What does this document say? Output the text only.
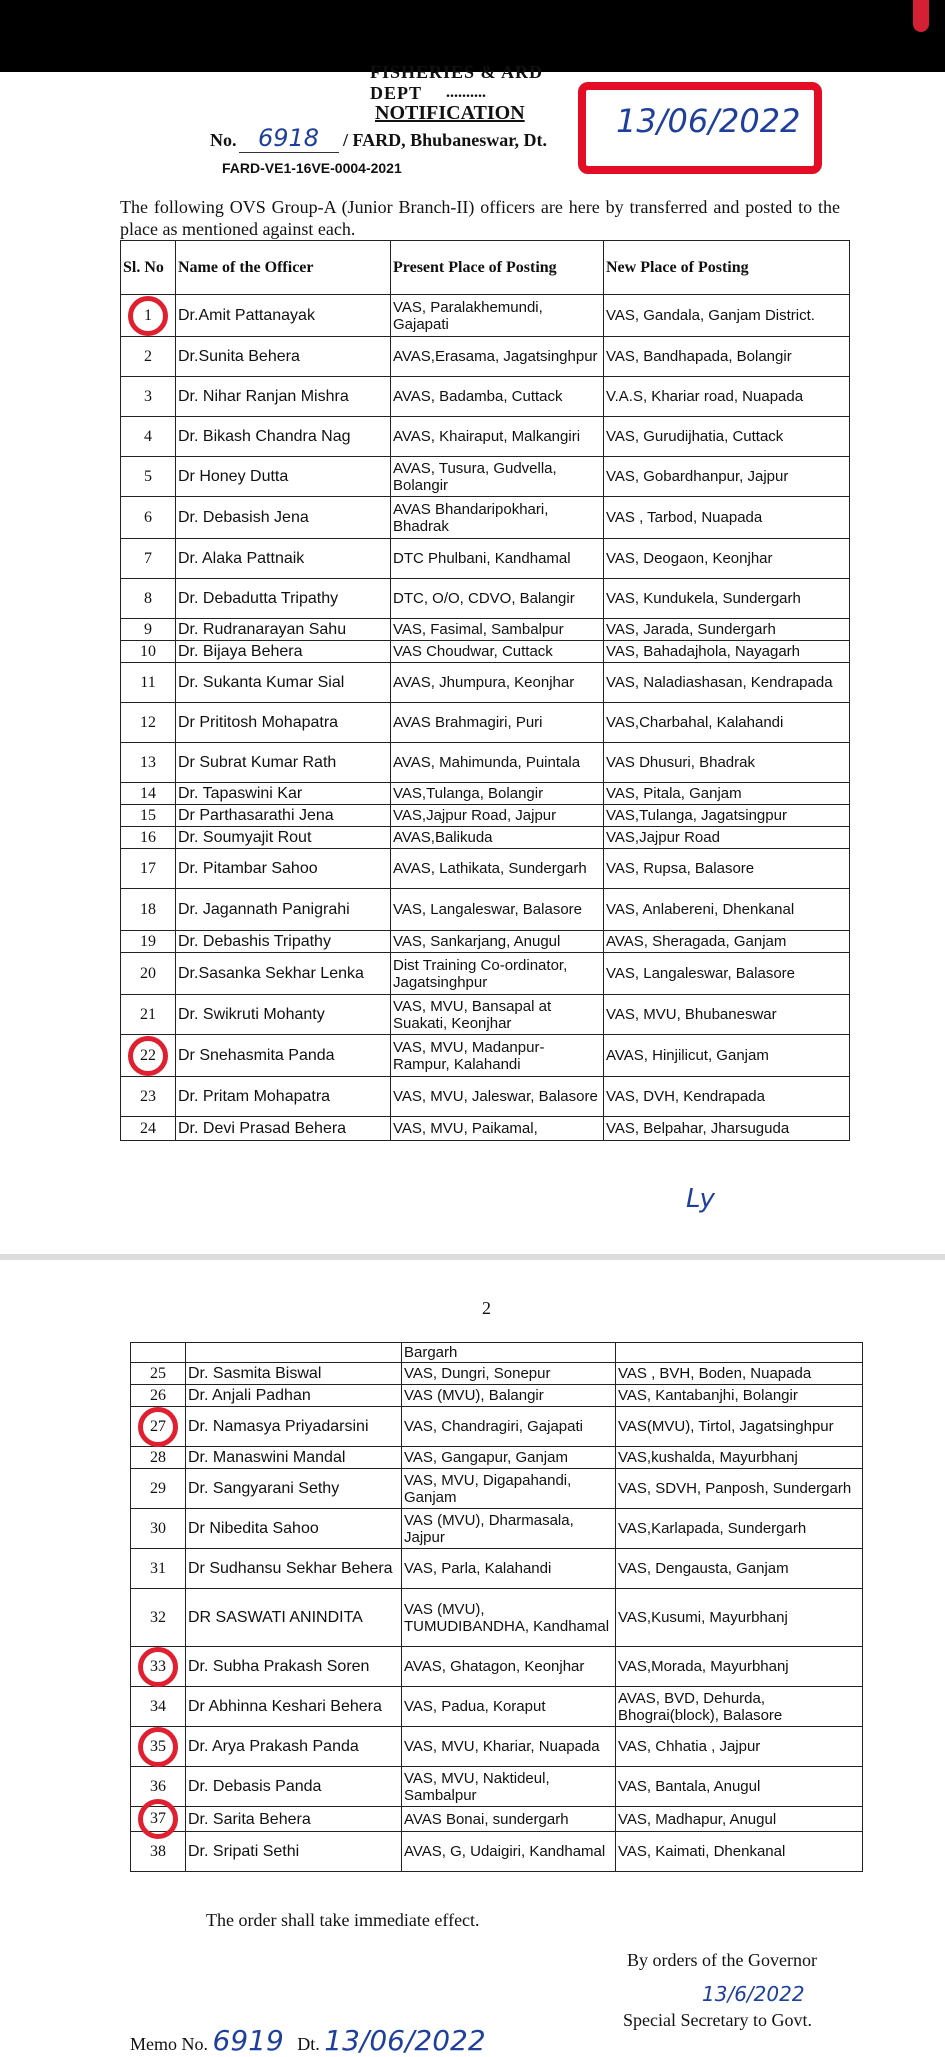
FISHERIES & ARD DEPT	..........
NOTIFICATION
No. 6918 / FARD, Bhubaneswar, Dt.
FARD-VE1-16VE-0004-2021
13/06/2022
The following OVS Group-A (Junior Branch-II) officers are here by transferred and posted to the place as mentioned against each.
Sl. No	Name of the Officer	Present Place of Posting	New Place of Posting
1	Dr.Amit Pattanayak	VAS, Paralakhemundi, Gajapati	VAS, Gandala, Ganjam District.
2	Dr.Sunita Behera	AVAS,Erasama, Jagatsinghpur	VAS, Bandhapada, Bolangir
3	Dr. Nihar Ranjan Mishra	AVAS, Badamba, Cuttack	V.A.S, Khariar road, Nuapada
4	Dr. Bikash Chandra Nag	AVAS, Khairaput, Malkangiri	VAS, Gurudijhatia, Cuttack
5	Dr Honey Dutta	AVAS, Tusura, Gudvella, Bolangir	VAS, Gobardhanpur, Jajpur
6	Dr. Debasish Jena	AVAS Bhandaripokhari, Bhadrak	VAS , Tarbod, Nuapada
7	Dr. Alaka Pattnaik	DTC Phulbani, Kandhamal	VAS, Deogaon, Keonjhar
8	Dr. Debadutta Tripathy	DTC, O/O, CDVO, Balangir	VAS, Kundukela, Sundergarh
9	Dr. Rudranarayan Sahu	VAS, Fasimal, Sambalpur	VAS, Jarada, Sundergarh
10	Dr. Bijaya Behera	VAS Choudwar, Cuttack	VAS, Bahadajhola, Nayagarh
11	Dr. Sukanta Kumar Sial	AVAS, Jhumpura, Keonjhar	VAS, Naladiashasan, Kendrapada
12	Dr Prititosh Mohapatra	AVAS Brahmagiri, Puri	VAS,Charbahal, Kalahandi
13	Dr Subrat Kumar Rath	AVAS, Mahimunda, Puintala	VAS Dhusuri, Bhadrak
14	Dr. Tapaswini Kar	VAS,Tulanga, Bolangir	VAS, Pitala, Ganjam
15	Dr Parthasarathi Jena	VAS,Jajpur Road, Jajpur	VAS,Tulanga, Jagatsingpur
16	Dr. Soumyajit Rout	AVAS,Balikuda	VAS,Jajpur Road
17	Dr. Pitambar Sahoo	AVAS, Lathikata, Sundergarh	VAS, Rupsa, Balasore
18	Dr. Jagannath Panigrahi	VAS, Langaleswar, Balasore	VAS, Anlabereni, Dhenkanal
19	Dr. Debashis Tripathy	VAS, Sankarjang, Anugul	AVAS, Sheragada, Ganjam
20	Dr.Sasanka Sekhar Lenka	Dist Training Co-ordinator, Jagatsinghpur	VAS, Langaleswar, Balasore
21	Dr. Swikruti Mohanty	VAS, MVU, Bansapal at Suakati, Keonjhar	VAS, MVU, Bhubaneswar
22	Dr Snehasmita Panda	VAS, MVU, Madanpur-Rampur, Kalahandi	AVAS, Hinjilicut, Ganjam
23	Dr. Pritam Mohapatra	VAS, MVU, Jaleswar, Balasore	VAS, DVH, Kendrapada
24	Dr. Devi Prasad Behera	VAS, MVU, Paikamal,	VAS, Belpahar, Jharsuguda
Ly
2
		Bargarh	
25	Dr. Sasmita Biswal	VAS, Dungri, Sonepur	VAS , BVH, Boden, Nuapada
26	Dr. Anjali Padhan	VAS (MVU), Balangir	VAS, Kantabanjhi, Bolangir
27	Dr. Namasya Priyadarsini	VAS, Chandragiri, Gajapati	VAS(MVU), Tirtol, Jagatsinghpur
28	Dr. Manaswini Mandal	VAS, Gangapur, Ganjam	VAS,kushalda, Mayurbhanj
29	Dr. Sangyarani Sethy	VAS, MVU, Digapahandi, Ganjam	VAS, SDVH, Panposh, Sundergarh
30	Dr Nibedita Sahoo	VAS (MVU), Dharmasala, Jajpur	VAS,Karlapada, Sundergarh
31	Dr Sudhansu Sekhar Behera	VAS, Parla, Kalahandi	VAS, Dengausta, Ganjam
32	DR SASWATI ANINDITA	VAS (MVU), TUMUDIBANDHA, Kandhamal	VAS,Kusumi, Mayurbhanj
33	Dr. Subha Prakash Soren	AVAS, Ghatagon, Keonjhar	VAS,Morada, Mayurbhanj
34	Dr Abhinna Keshari Behera	VAS, Padua, Koraput	AVAS, BVD, Dehurda, Bhograi(block), Balasore
35	Dr. Arya Prakash Panda	VAS, MVU, Khariar, Nuapada	VAS, Chhatia , Jajpur
36	Dr. Debasis Panda	VAS, MVU, Naktideul, Sambalpur	VAS, Bantala, Anugul
37	Dr. Sarita Behera	AVAS Bonai, sundergarh	VAS, Madhapur, Anugul
38	Dr. Sripati Sethi	AVAS, G, Udaigiri, Kandhamal	VAS, Kaimati, Dhenkanal
The order shall take immediate effect.
By orders of the Governor
13/6/2022
Special Secretary to Govt.
Memo No. 6919   Dt. 13/06/2022
